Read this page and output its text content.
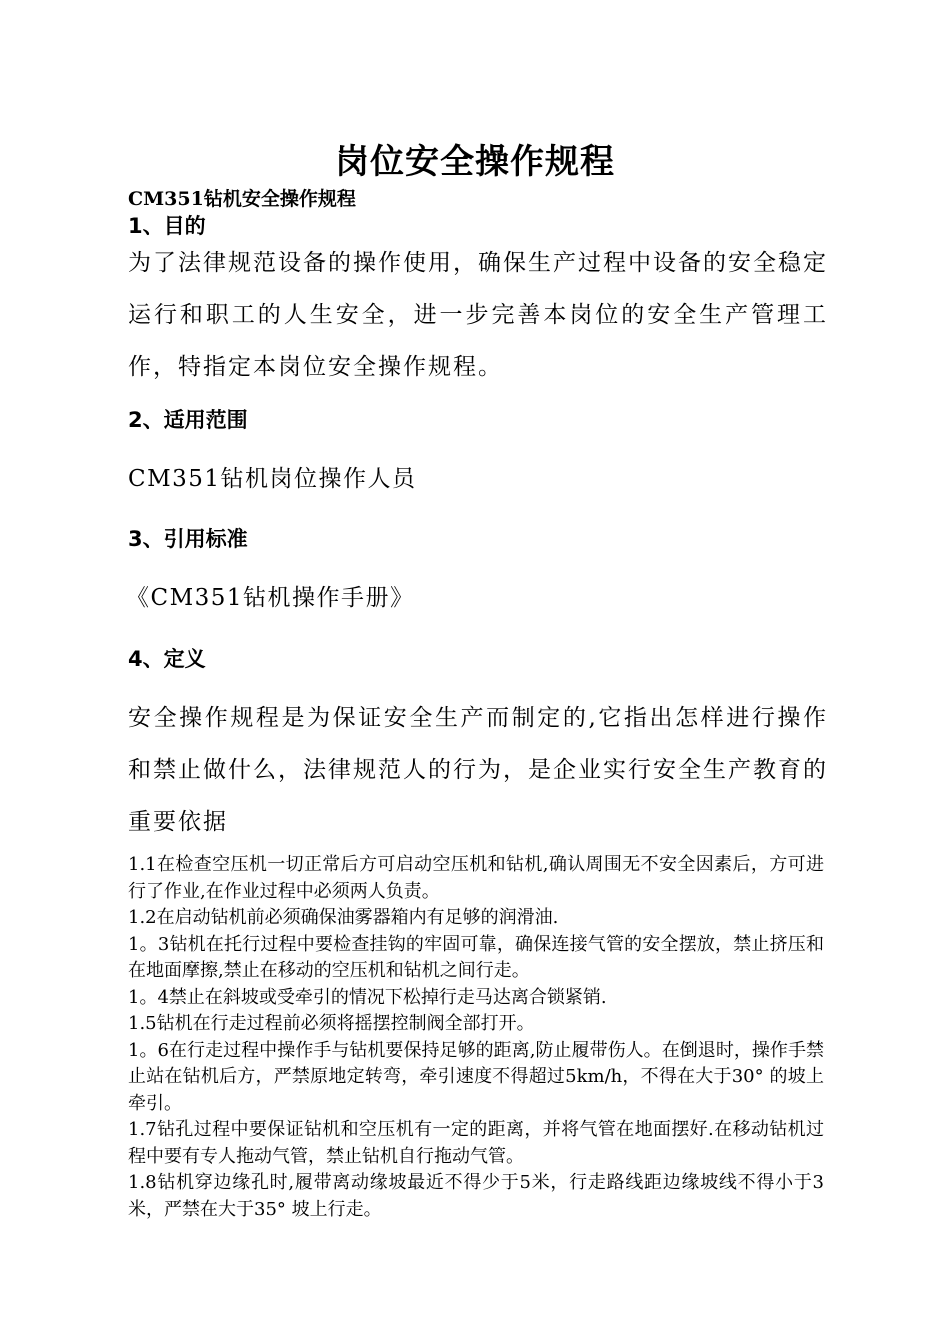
岗位安全操作规程
CM351钻机安全操作规程
1、目的
为了法律规范设备的操作使用，确保生产过程中设备的安全稳定运行和职工的人生安全，进一步完善本岗位的安全生产管理工作，特指定本岗位安全操作规程。
2、适用范围
CM351钻机岗位操作人员
3、引用标准
《CM351钻机操作手册》
4、定义
安全操作规程是为保证安全生产而制定的,它指出怎样进行操作和禁止做什么，法律规范人的行为，是企业实行安全生产教育的重要依据

1.1在检查空压机一切正常后方可启动空压机和钻机,确认周围无不安全因素后，方可进行了作业,在作业过程中必须两人负责。

1.2在启动钻机前必须确保油雾器箱内有足够的润滑油.

1。3钻机在托行过程中要检查挂钩的牢固可靠，确保连接气管的安全摆放，禁止挤压和在地面摩擦,禁止在移动的空压机和钻机之间行走。

1。4禁止在斜坡或受牵引的情况下松掉行走马达离合锁紧销.

1.5钻机在行走过程前必须将摇摆控制阀全部打开。

1。6在行走过程中操作手与钻机要保持足够的距离,防止履带伤人。在倒退时，操作手禁止站在钻机后方，严禁原地定转弯，牵引速度不得超过5km/h，不得在大于30° 的坡上牵引。

1.7钻孔过程中要保证钻机和空压机有一定的距离，并将气管在地面摆好.在移动钻机过程中要有专人拖动气管，禁止钻机自行拖动气管。

1.8钻机穿边缘孔时,履带离动缘坡最近不得少于5米，行走路线距边缘坡线不得小于3米，严禁在大于35° 坡上行走。
